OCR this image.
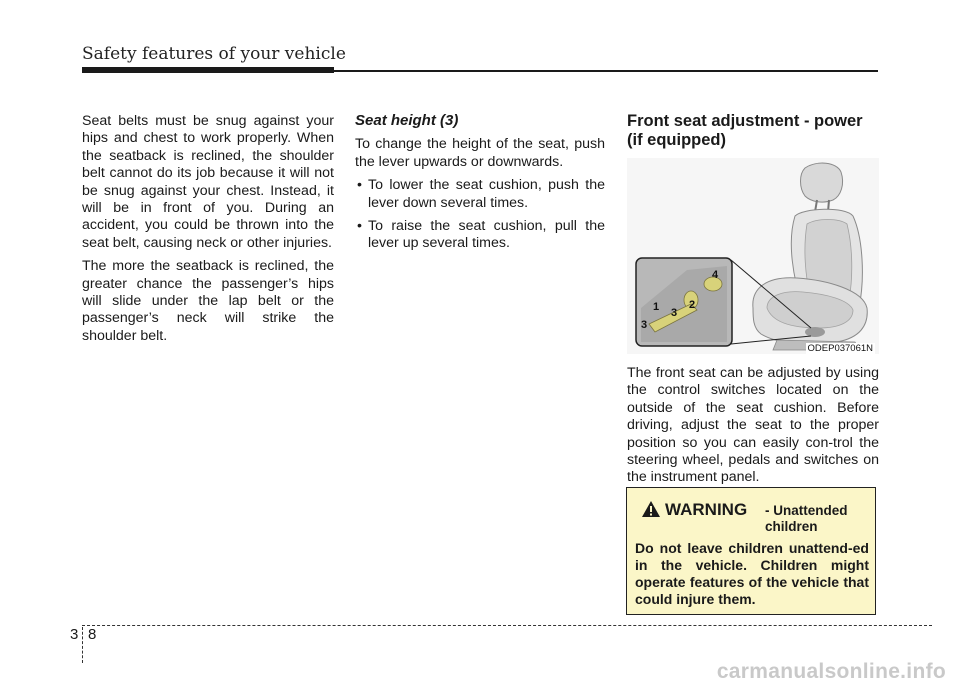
Safety features of your vehicle

Seat belts must be snug against your hips and chest to work properly. When the seatback is reclined, the shoulder belt cannot do its job because it will not be snug against your chest. Instead, it will be in front of you. During an accident, you could be thrown into the seat belt, causing neck or other injuries.

The more the seatback is reclined, the greater chance the passenger’s hips will slide under the lap belt or the passenger’s neck will strike the shoulder belt.

Seat height (3)

To change the height of the seat, push the lever upwards or downwards.

• To lower the seat cushion, push the lever down several times.
• To raise the seat cushion, pull the lever up several times.
Front seat adjustment - power
(if equipped)
4
2
1 3
3
ODEP037061N
The front seat can be adjusted by using the control switches located on the outside of the seat cushion. Before driving, adjust the seat to the proper position so you can easily con-trol the steering wheel, pedals and switches on the instrument panel.
WARNING - Unattended children
Do not leave children unattend-ed in the vehicle. Children might operate features of the vehicle that could injure them.
3 8
carmanualsonline.info
